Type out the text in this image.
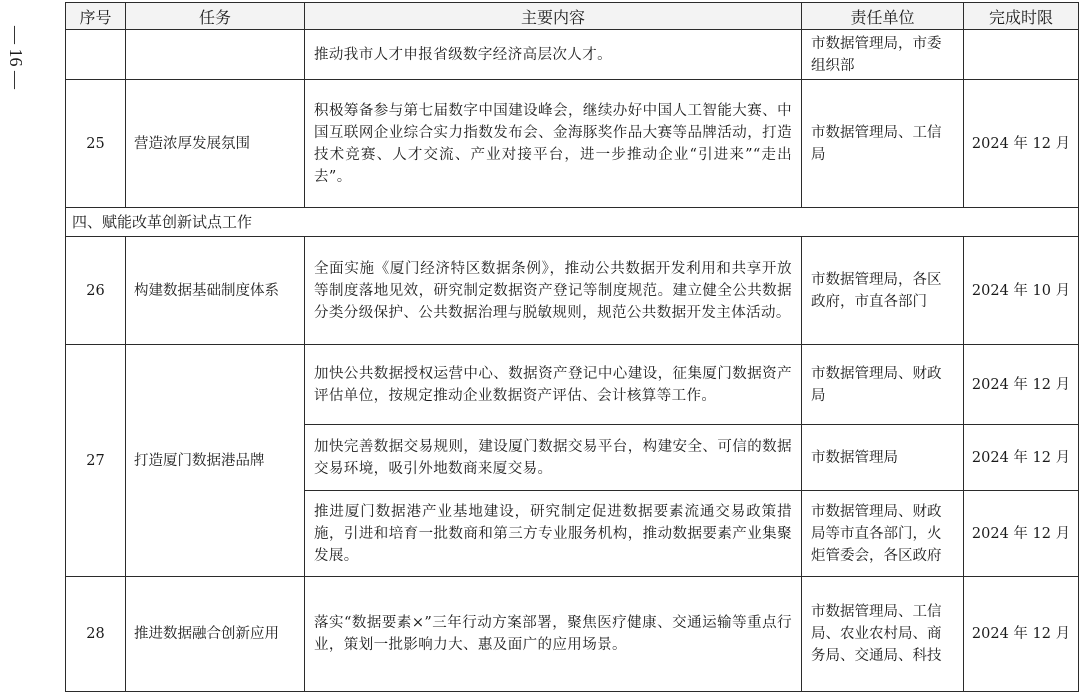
— 16 —
序号	任务	主要内容	责任单位	完成时限
		推动我市人才申报省级数字经济高层次人才。	市数据管理局，市委组织部	
25	营造浓厚发展氛围	积极筹备参与第七届数字中国建设峰会，继续办好中国人工智能大赛、中国互联网企业综合实力指数发布会、金海豚奖作品大赛等品牌活动，打造技术竞赛、人才交流、产业对接平台，进一步推动企业“引进来”“走出去”。	市数据管理局、工信局	2024 年 12 月
四、赋能改革创新试点工作				
26	构建数据基础制度体系	全面实施《厦门经济特区数据条例》，推动公共数据开发利用和共享开放等制度落地见效，研究制定数据资产登记等制度规范。建立健全公共数据分类分级保护、公共数据治理与脱敏规则，规范公共数据开发主体活动。	市数据管理局，各区政府，市直各部门	2024 年 10 月
27	打造厦门数据港品牌	加快公共数据授权运营中心、数据资产登记中心建设，征集厦门数据资产评估单位，按规定推动企业数据资产评估、会计核算等工作。	市数据管理局、财政局	2024 年 12 月
		加快完善数据交易规则，建设厦门数据交易平台，构建安全、可信的数据交易环境，吸引外地数商来厦交易。	市数据管理局	2024 年 12 月
		推进厦门数据港产业基地建设，研究制定促进数据要素流通交易政策措施，引进和培育一批数商和第三方专业服务机构，推动数据要素产业集聚发展。	市数据管理局、财政局等市直各部门，火炬管委会，各区政府	2024 年 12 月
28	推进数据融合创新应用	落实“数据要素×”三年行动方案部署，聚焦医疗健康、交通运输等重点行业，策划一批影响力大、惠及面广的应用场景。	市数据管理局、工信局、农业农村局、商务局、交通局、科技	2024 年 12 月
